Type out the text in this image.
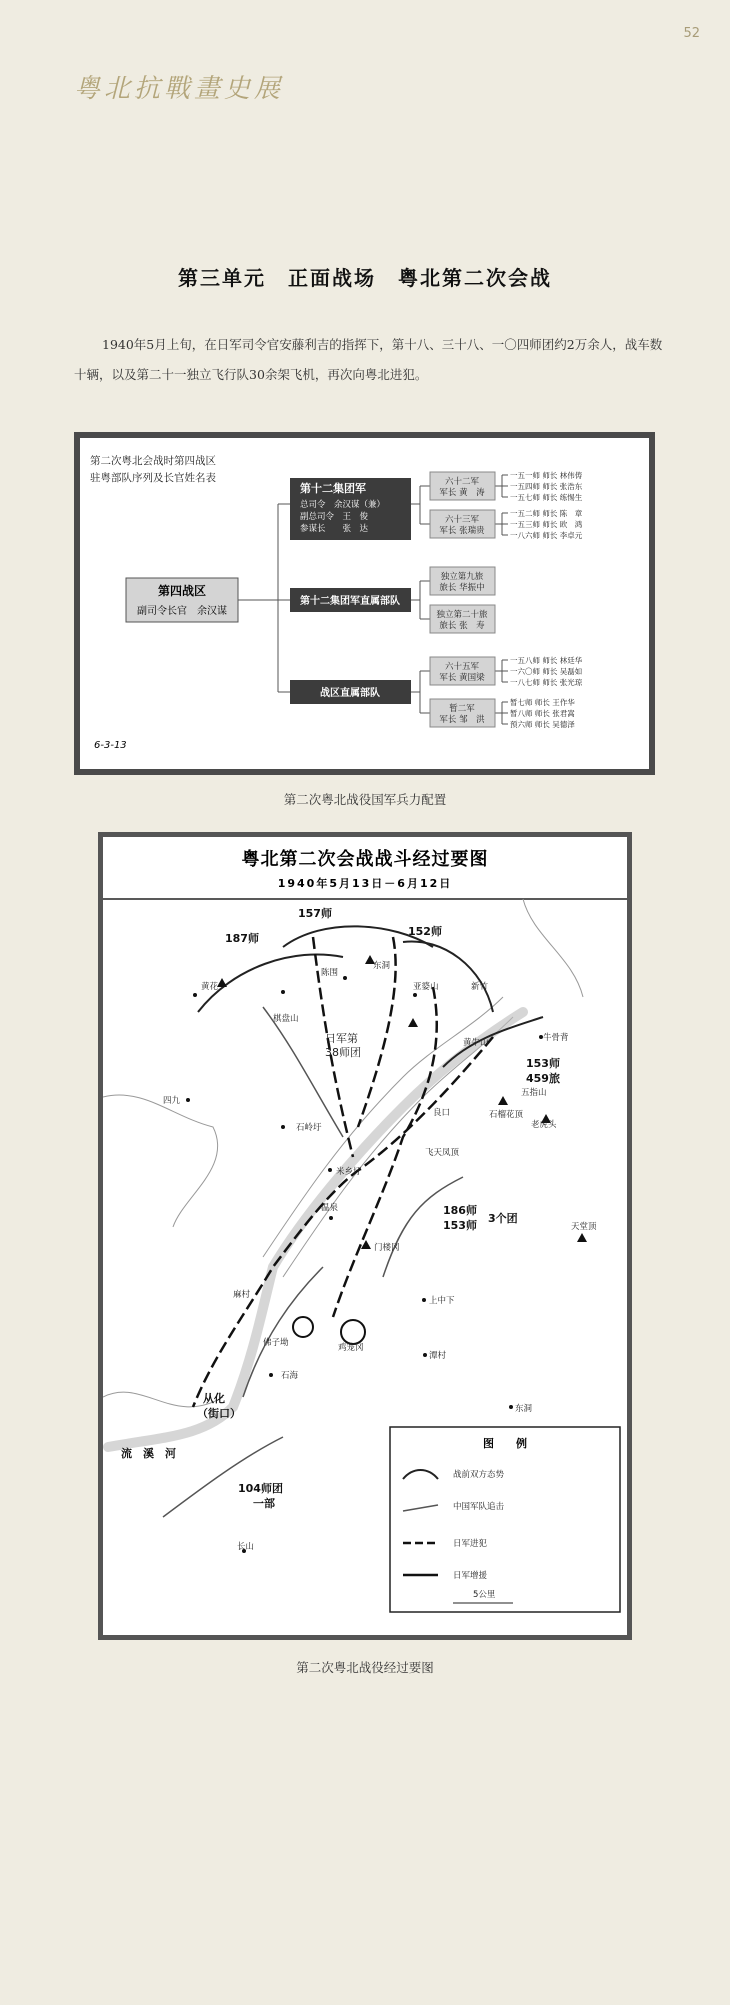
52
粤北抗戰畫史展
第三单元　正面战场　粤北第二次会战
1940年5月上旬，在日军司令官安藤利吉的指挥下，第十八、三十八、一〇四师团约2万余人，战车数十辆，以及第二十一独立飞行队30余架飞机，再次向粤北进犯。
第二次粤北会战时第四战区
驻粤部队序列及长官姓名表
第四战区
副司令长官　余汉谋
第十二集团军
总司令　余汉谋（兼）
副总司令　王　俊
参谋长　　张　达
第十二集团军直属部队
战区直属部队
六十二军
军长 黄　涛
六十三军
军长 张瑞贵
独立第九旅
旅长 华振中
独立第二十旅
旅长 张　寿
六十五军
军长 黄国梁
暂二军
军长 邹　洪
一五一师 师长 林伟俦
一五四师 师长 张浩东
一五七师 师长 练惕生
一五二师 师长 陈　章
一五三师 师长 欧　鸿
一八六师 师长 李卓元
一五八师 师长 林廷华
一六〇师 师长 吴磊如
一八七师 师长 张光琼
暂七师 师长 王作华
暂八师 师长 张君嵩
预六师 师长 吴德泽
6-3-13
第二次粤北战役国军兵力配置
粤北第二次会战战斗经过要图
1940年5月13日－6月12日
187师
157师
152师
153师
459旅
186师
153师
3个团
104师团
一部
日军第
38师团
黄花
陈围
东洞
亚婆山	新竹
棋盘山
牛骨背
黄牛山
五指山
石榴花顶
老虎头
良口
四九
石岭圩
飞天凤顶
米乡圩
温泉
门楼冈
天堂顶
麻村
上中下
佛子坳	鸡笼冈
石海
潭村
东洞
长山
从化
（街口）
流　溪　河
图　　例
战前双方态势
中国军队追击
日军进犯
日军增援
5公里
第二次粤北战役经过要图
